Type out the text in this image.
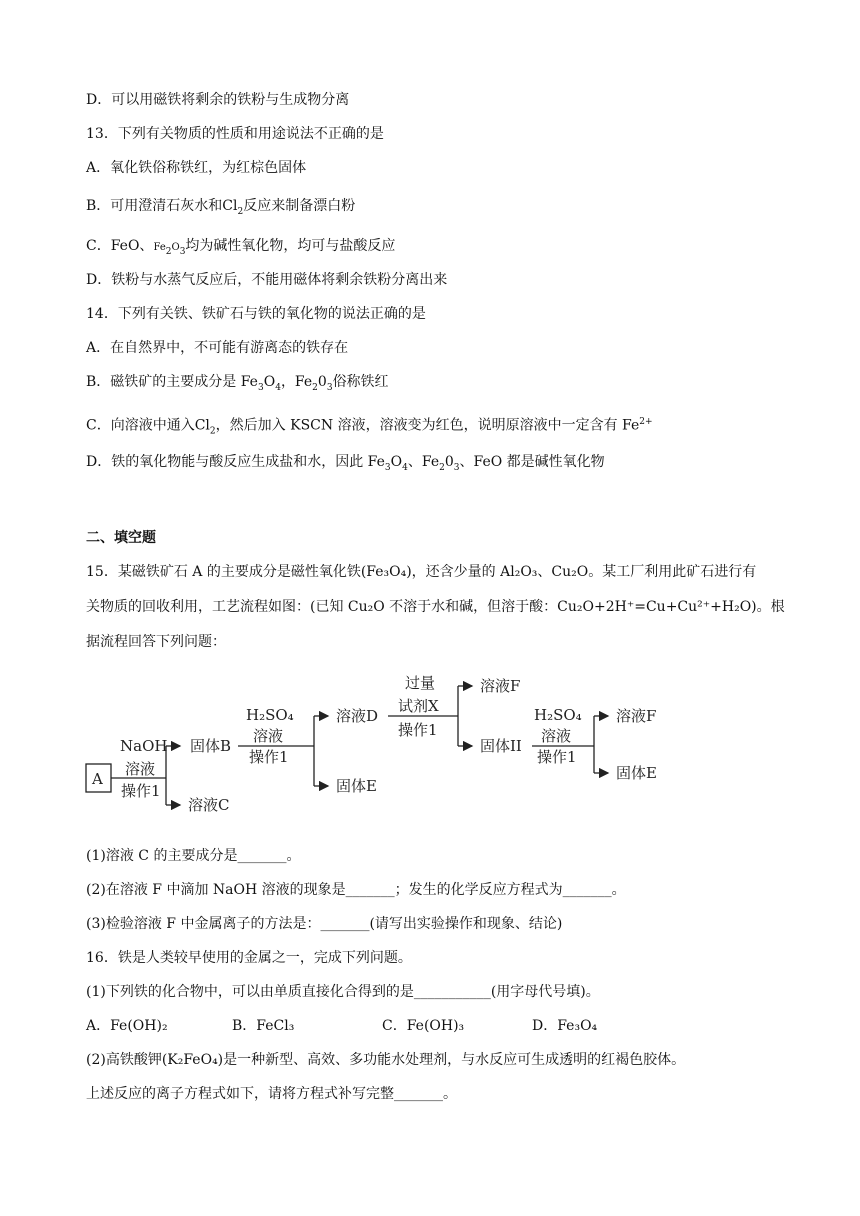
D．可以用磁铁将剩余的铁粉与生成物分离
13．下列有关物质的性质和用途说法不正确的是
A．氧化铁俗称铁红，为红棕色固体
B．可用澄清石灰水和$Cl_2$反应来制备漂白粉
C．FeO、$Fe_2O_3$均为碱性氧化物，均可与盐酸反应
D．铁粉与水蒸气反应后，不能用磁体将剩余铁粉分离出来
14．下列有关铁、铁矿石与铁的氧化物的说法正确的是
A．在自然界中，不可能有游离态的铁存在
B．磁铁矿的主要成分是 $Fe_3O_4$，$Fe_20_3$俗称铁红
C．向溶液中通入$Cl_2$，然后加入 KSCN 溶液，溶液变为红色，说明原溶液中一定含有 $Fe^{2+}$
D．铁的氧化物能与酸反应生成盐和水，因此 $Fe_3O_4$、$Fe_20_3$、FeO 都是碱性氧化物
二、填空题
15．某磁铁矿石 A 的主要成分是磁性氧化铁(Fe₃O₄)，还含少量的 Al₂O₃、Cu₂O。某工厂利用此矿石进行有
关物质的回收利用，工艺流程如图：(已知 Cu₂O 不溶于水和碱，但溶于酸：Cu₂O+2H⁺=Cu+Cu²⁺+H₂O)。根
据流程回答下列问题：
A
NaOH
溶液
操作1
固体B
溶液C
H₂SO₄
溶液
操作1
溶液D
固体E
过量
试剂X
操作1
溶液F
固体II
H₂SO₄
溶液
操作1
溶液F
固体E
(1)溶液 C 的主要成分是_______。
(2)在溶液 F 中滴加 NaOH 溶液的现象是_______；发生的化学反应方程式为_______。
(3)检验溶液 F 中金属离子的方法是：_______(请写出实验操作和现象、结论)
16．铁是人类较早使用的金属之一，完成下列问题。
(1)下列铁的化合物中，可以由单质直接化合得到的是___________(用字母代号填)。
A．Fe(OH)₂	B．FeCl₃	C．Fe(OH)₃	D．Fe₃O₄
(2)高铁酸钾(K₂FeO₄)是一种新型、高效、多功能水处理剂，与水反应可生成透明的红褐色胶体。
上述反应的离子方程式如下，请将方程式补写完整_______。
